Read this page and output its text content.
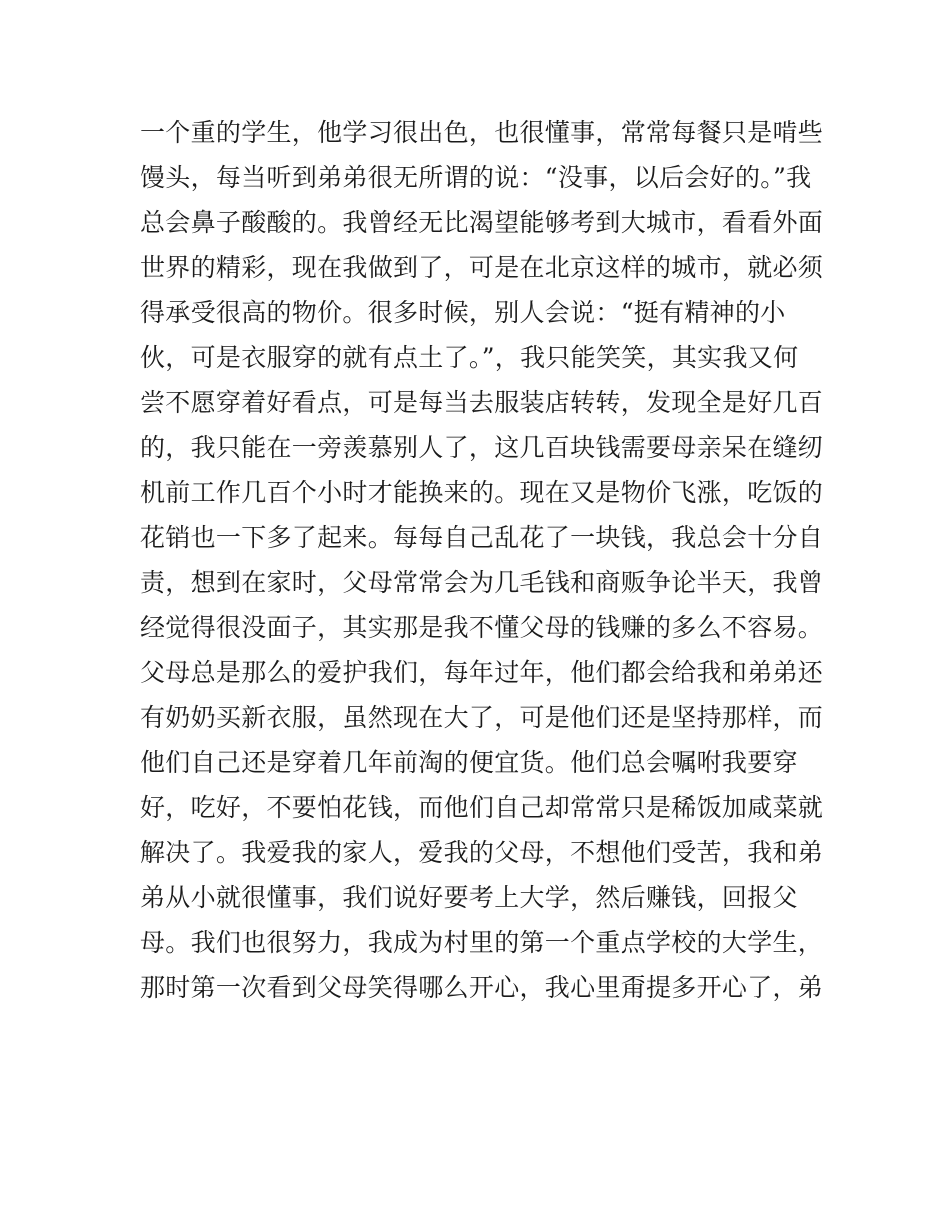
一个重的学生，他学习很出色，也很懂事，常常每餐只是啃些
馒头，每当听到弟弟很无所谓的说：“没事，以后会好的。”我
总会鼻子酸酸的。我曾经无比渴望能够考到大城市，看看外面
世界的精彩，现在我做到了，可是在北京这样的城市，就必须
得承受很高的物价。很多时候，别人会说：“挺有精神的小
伙，可是衣服穿的就有点土了。”，我只能笑笑，其实我又何
尝不愿穿着好看点，可是每当去服装店转转，发现全是好几百
的，我只能在一旁羡慕别人了，这几百块钱需要母亲呆在缝纫
机前工作几百个小时才能换来的。现在又是物价飞涨，吃饭的
花销也一下多了起来。每每自己乱花了一块钱，我总会十分自
责，想到在家时，父母常常会为几毛钱和商贩争论半天，我曾
经觉得很没面子，其实那是我不懂父母的钱赚的多么不容易。
父母总是那么的爱护我们，每年过年，他们都会给我和弟弟还
有奶奶买新衣服，虽然现在大了，可是他们还是坚持那样，而
他们自己还是穿着几年前淘的便宜货。他们总会嘱咐我要穿
好，吃好，不要怕花钱，而他们自己却常常只是稀饭加咸菜就
解决了。我爱我的家人，爱我的父母，不想他们受苦，我和弟
弟从小就很懂事，我们说好要考上大学，然后赚钱，回报父
母。我们也很努力，我成为村里的第一个重点学校的大学生，
那时第一次看到父母笑得哪么开心，我心里甭提多开心了，弟
